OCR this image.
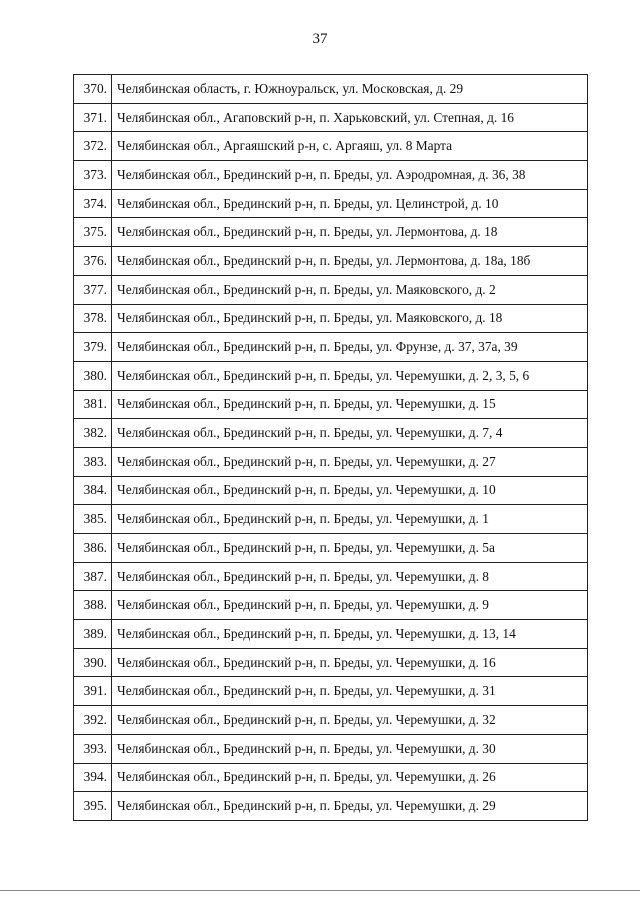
37
370.	Челябинская область, г. Южноуральск, ул. Московская, д. 29
371.	Челябинская обл., Агаповский р-н, п. Харьковский, ул. Степная, д. 16
372.	Челябинская обл., Аргаяшский р-н, с. Аргаяш, ул. 8 Марта
373.	Челябинская обл., Брединский р-н, п. Бреды, ул. Аэродромная, д. 36, 38
374.	Челябинская обл., Брединский р-н, п. Бреды, ул. Целинстрой, д. 10
375.	Челябинская обл., Брединский р-н, п. Бреды, ул. Лермонтова, д. 18
376.	Челябинская обл., Брединский р-н, п. Бреды, ул. Лермонтова, д. 18а, 18б
377.	Челябинская обл., Брединский р-н, п. Бреды, ул. Маяковского, д. 2
378.	Челябинская обл., Брединский р-н, п. Бреды, ул. Маяковского, д. 18
379.	Челябинская обл., Брединский р-н, п. Бреды, ул. Фрунзе, д. 37, 37а, 39
380.	Челябинская обл., Брединский р-н, п. Бреды, ул. Черемушки, д. 2, 3, 5, 6
381.	Челябинская обл., Брединский р-н, п. Бреды, ул. Черемушки, д. 15
382.	Челябинская обл., Брединский р-н, п. Бреды, ул. Черемушки, д. 7, 4
383.	Челябинская обл., Брединский р-н, п. Бреды, ул. Черемушки, д. 27
384.	Челябинская обл., Брединский р-н, п. Бреды, ул. Черемушки, д. 10
385.	Челябинская обл., Брединский р-н, п. Бреды, ул. Черемушки, д. 1
386.	Челябинская обл., Брединский р-н, п. Бреды, ул. Черемушки, д. 5а
387.	Челябинская обл., Брединский р-н, п. Бреды, ул. Черемушки, д. 8
388.	Челябинская обл., Брединский р-н, п. Бреды, ул. Черемушки, д. 9
389.	Челябинская обл., Брединский р-н, п. Бреды, ул. Черемушки, д. 13, 14
390.	Челябинская обл., Брединский р-н, п. Бреды, ул. Черемушки, д. 16
391.	Челябинская обл., Брединский р-н, п. Бреды, ул. Черемушки, д. 31
392.	Челябинская обл., Брединский р-н, п. Бреды, ул. Черемушки, д. 32
393.	Челябинская обл., Брединский р-н, п. Бреды, ул. Черемушки, д. 30
394.	Челябинская обл., Брединский р-н, п. Бреды, ул. Черемушки, д. 26
395.	Челябинская обл., Брединский р-н, п. Бреды, ул. Черемушки, д. 29
